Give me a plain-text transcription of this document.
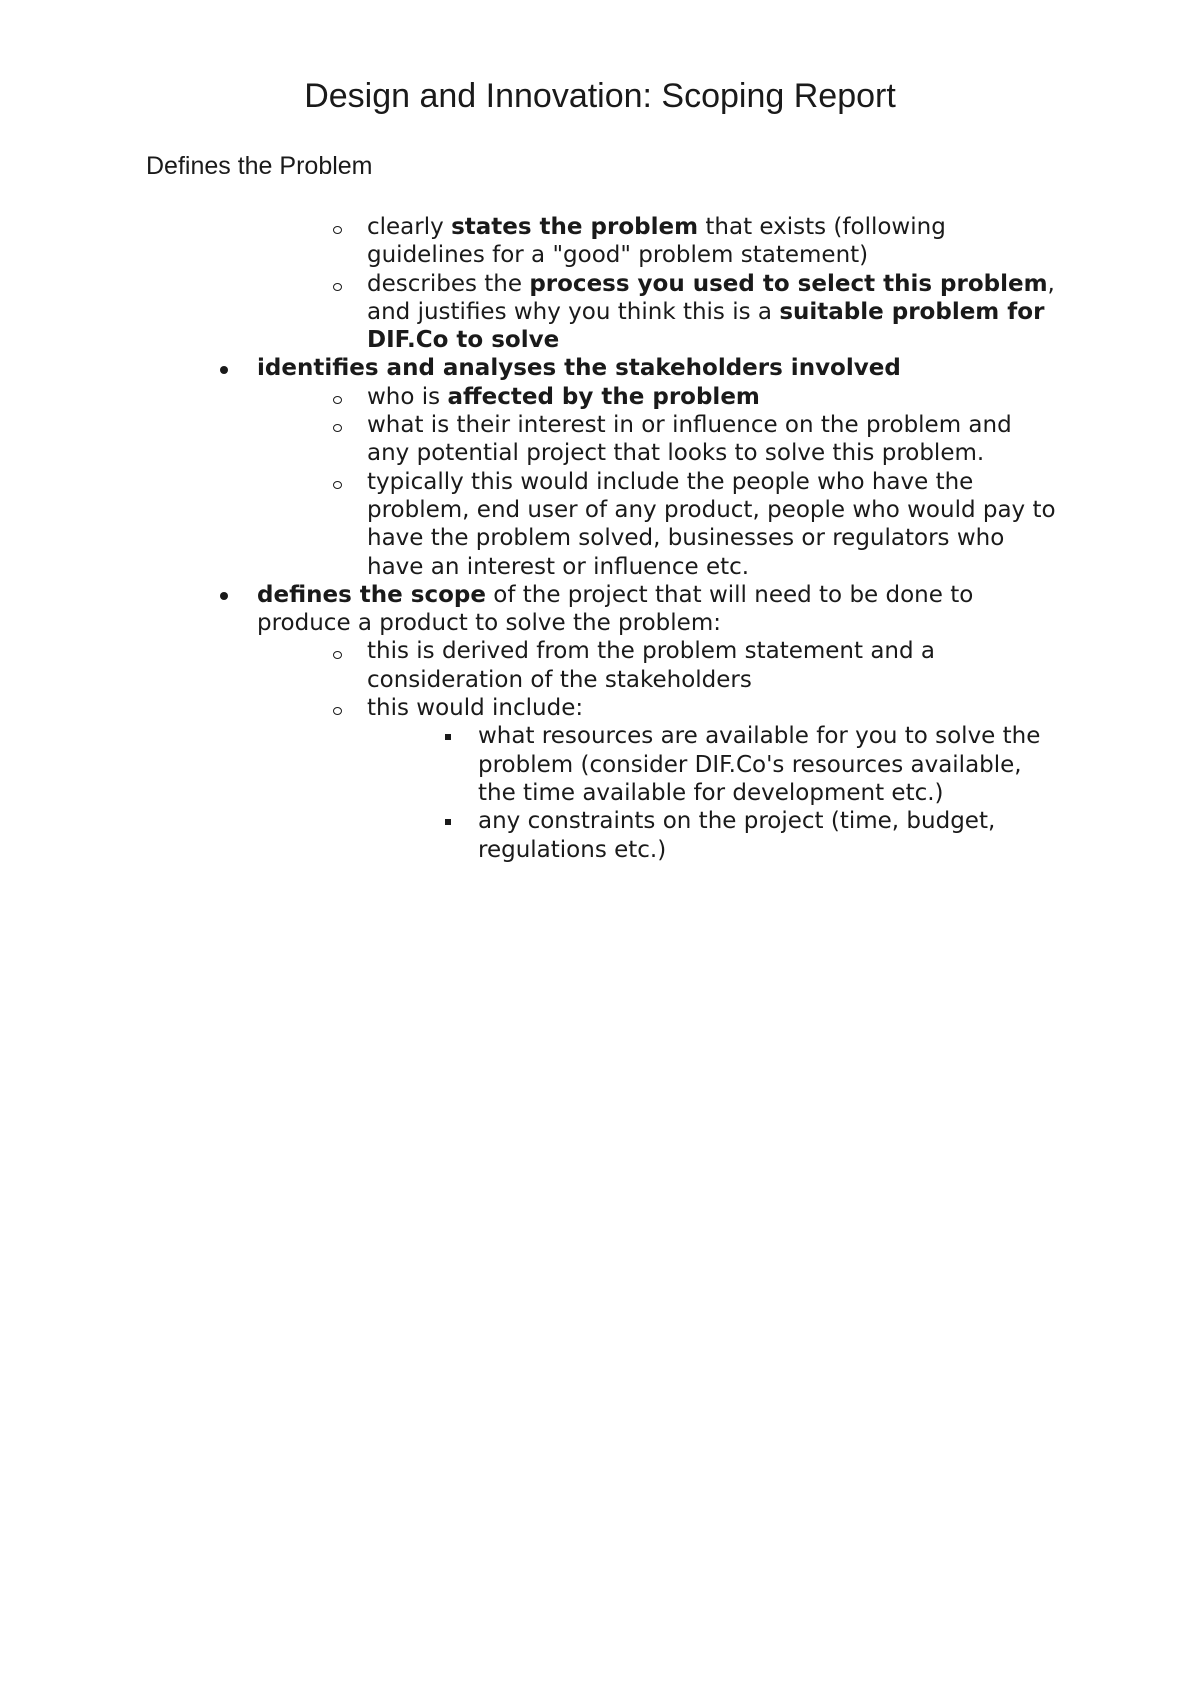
Design and Innovation: Scoping Report
Defines the Problem
clearly states the problem that exists (following guidelines for a "good" problem statement)
describes the process you used to select this problem, and justifies why you think this is a suitable problem for DIF.Co to solve
identifies and analyses the stakeholders involved
who is affected by the problem
what is their interest in or influence on the problem and any potential project that looks to solve this problem.
typically this would include the people who have the problem, end user of any product, people who would pay to have the problem solved, businesses or regulators who have an interest or influence etc.
defines the scope of the project that will need to be done to produce a product to solve the problem:
this is derived from the problem statement and a consideration of the stakeholders
this would include:
what resources are available for you to solve the problem (consider DIF.Co's resources available, the time available for development etc.)
any constraints on the project (time, budget, regulations etc.)
